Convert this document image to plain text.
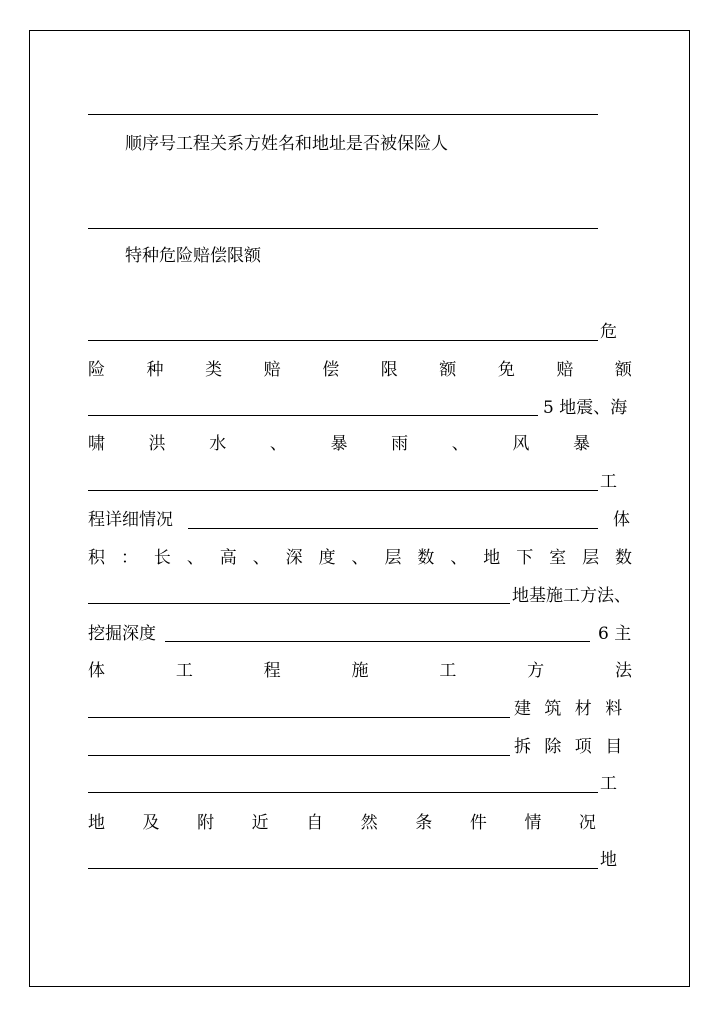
顺序号工程关系方姓名和地址是否被保险人
特种危险赔偿限额
危
险 种 类 赔 偿 限 额 免 赔 额
5 地震、海
啸	洪	水	、	暴	雨	、	风	暴
工
程详细情况	体
积 ： 长 、 高 、 深 度 、 层 数 、 地 下 室 层 数
地基施工方法、
挖掘深度	6 主
体	工	程	施	工	方	法
建 筑 材 料
拆 除 项 目
工
地 及 附 近 自 然 条 件 情 况
地
